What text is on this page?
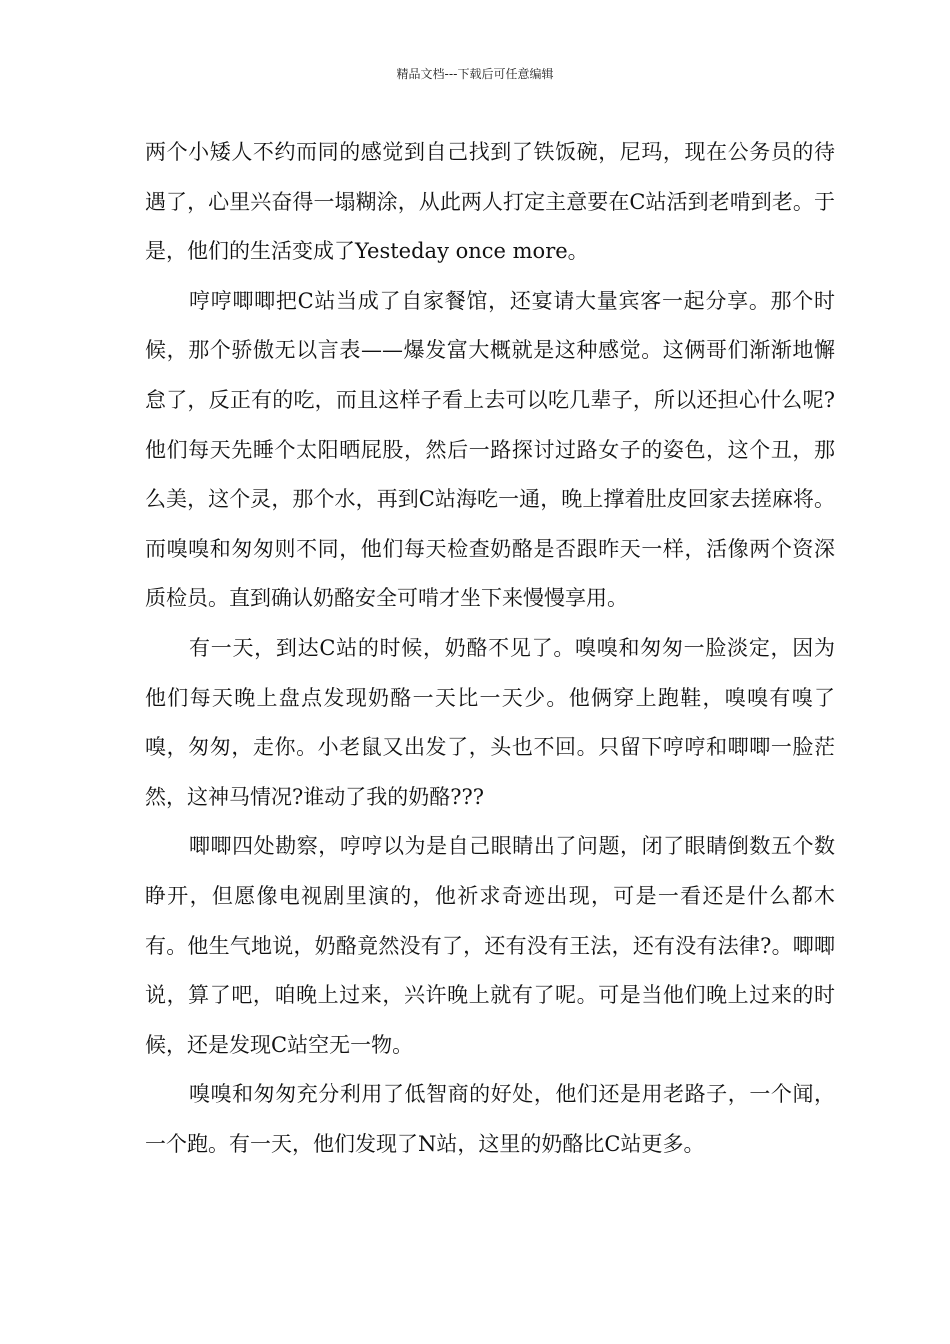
精品文档---下载后可任意编辑

两个小矮人不约而同的感觉到自己找到了铁饭碗，尼玛，现在公务员的待遇了，心里兴奋得一塌糊涂，从此两人打定主意要在C站活到老啃到老。于是，他们的生活变成了Yesteday once more。

哼哼唧唧把C站当成了自家餐馆，还宴请大量宾客一起分享。那个时候，那个骄傲无以言表——爆发富大概就是这种感觉。这俩哥们渐渐地懈怠了，反正有的吃，而且这样子看上去可以吃几辈子，所以还担心什么呢?他们每天先睡个太阳晒屁股，然后一路探讨过路女子的姿色，这个丑，那么美，这个灵，那个水，再到C站海吃一通，晚上撑着肚皮回家去搓麻将。而嗅嗅和匆匆则不同，他们每天检查奶酪是否跟昨天一样，活像两个资深质检员。直到确认奶酪安全可啃才坐下来慢慢享用。

有一天，到达C站的时候，奶酪不见了。嗅嗅和匆匆一脸淡定，因为他们每天晚上盘点发现奶酪一天比一天少。他俩穿上跑鞋，嗅嗅有嗅了嗅，匆匆，走你。小老鼠又出发了，头也不回。只留下哼哼和唧唧一脸茫然，这神马情况?谁动了我的奶酪???

唧唧四处勘察，哼哼以为是自己眼睛出了问题，闭了眼睛倒数五个数睁开，但愿像电视剧里演的，他祈求奇迹出现，可是一看还是什么都木有。他生气地说，奶酪竟然没有了，还有没有王法，还有没有法律?。唧唧说，算了吧，咱晚上过来，兴许晚上就有了呢。可是当他们晚上过来的时候，还是发现C站空无一物。

嗅嗅和匆匆充分利用了低智商的好处，他们还是用老路子，一个闻，一个跑。有一天，他们发现了N站，这里的奶酪比C站更多。
